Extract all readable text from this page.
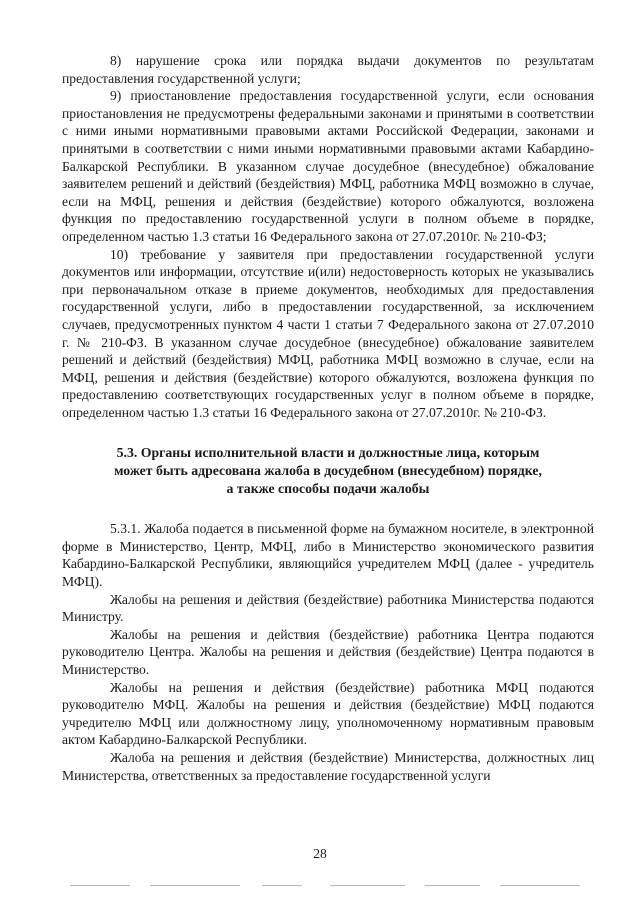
8) нарушение срока или порядка выдачи документов по результатам предоставления государственной услуги;

9) приостановление предоставления государственной услуги, если основания приостановления не предусмотрены федеральными законами и принятыми в соответствии с ними иными нормативными правовыми актами Российской Федерации, законами и принятыми в соответствии с ними иными нормативными правовыми актами Кабардино-Балкарской Республики. В указанном случае досудебное (внесудебное) обжалование заявителем решений и действий (бездействия) МФЦ, работника МФЦ возможно в случае, если на МФЦ, решения и действия (бездействие) которого обжалуются, возложена функция по предоставлению государственной услуги в полном объеме в порядке, определенном частью 1.3 статьи 16 Федерального закона от 27.07.2010г. № 210-ФЗ;

10) требование у заявителя при предоставлении государственной услуги документов или информации, отсутствие и(или) недостоверность которых не указывались при первоначальном отказе в приеме документов, необходимых для предоставления государственной услуги, либо в предоставлении государственной, за исключением случаев, предусмотренных пунктом 4 части 1 статьи 7 Федерального закона от 27.07.2010 г. № 210-ФЗ. В указанном случае досудебное (внесудебное) обжалование заявителем решений и действий (бездействия) МФЦ, работника МФЦ возможно в случае, если на МФЦ, решения и действия (бездействие) которого обжалуются, возложена функция по предоставлению соответствующих государственных услуг в полном объеме в порядке, определенном частью 1.3 статьи 16 Федерального закона от 27.07.2010г. № 210-ФЗ.

5.3. Органы исполнительной власти и должностные лица, которым
может быть адресована жалоба в досудебном (внесудебном) порядке,
а также способы подачи жалобы

5.3.1. Жалоба подается в письменной форме на бумажном носителе, в электронной форме в Министерство, Центр, МФЦ, либо в Министерство экономического развития Кабардино-Балкарской Республики, являющийся учредителем МФЦ (далее - учредитель МФЦ).

Жалобы на решения и действия (бездействие) работника Министерства подаются Министру.

Жалобы на решения и действия (бездействие) работника Центра подаются руководителю Центра. Жалобы на решения и действия (бездействие) Центра подаются в Министерство.

Жалобы на решения и действия (бездействие) работника МФЦ подаются руководителю МФЦ. Жалобы на решения и действия (бездействие) МФЦ подаются учредителю МФЦ или должностному лицу, уполномоченному нормативным правовым актом Кабардино-Балкарской Республики.

Жалоба на решения и действия (бездействие) Министерства, должностных лиц Министерства, ответственных за предоставление государственной услуги

28
